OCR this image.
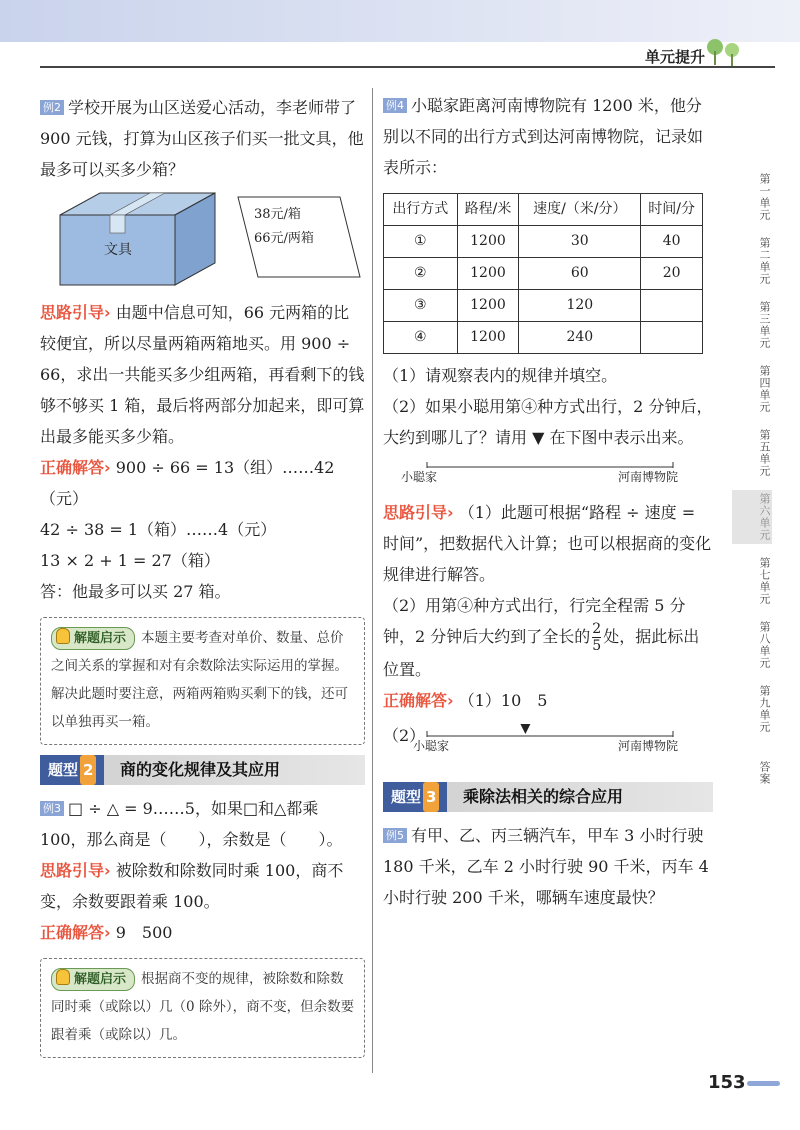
单元提升
例2 学校开展为山区送爱心活动，李老师带了 900 元钱，打算为山区孩子们买一批文具，他最多可以买多少箱？
文具
38元/箱
66元/两箱
思路引导› 由题中信息可知，66 元两箱的比较便宜，所以尽量两箱两箱地买。用 900 ÷ 66，求出一共能买多少组两箱，再看剩下的钱够不够买 1 箱，最后将两部分加起来，即可算出最多能买多少箱。
正确解答› 900 ÷ 66 = 13（组）……42（元）
42 ÷ 38 = 1（箱）……4（元）
13 × 2 + 1 = 27（箱）
答：他最多可以买 27 箱。
解题启示 本题主要考查对单价、数量、总价之间关系的掌握和对有余数除法实际运用的掌握。解决此题时要注意，两箱两箱购买剩下的钱，还可以单独再买一箱。
题型 2	商的变化规律及其应用
例3 □ ÷ △ = 9……5，如果□和△都乘 100，那么商是（　　），余数是（　　）。
思路引导› 被除数和除数同时乘 100，商不变，余数要跟着乘 100。
正确解答› 9　500
解题启示 根据商不变的规律，被除数和除数同时乘（或除以）几（0 除外），商不变，但余数要跟着乘（或除以）几。
例4 小聪家距离河南博物院有 1200 米，他分别以不同的出行方式到达河南博物院，记录如表所示：
出行方式	路程/米	速度/（米/分）	时间/分
①	1200	30	40
②	1200	60	20
③	1200	120	
④	1200	240	
（1）请观察表内的规律并填空。
（2）如果小聪用第④种方式出行，2 分钟后，大约到哪儿了？请用 ▼ 在下图中表示出来。
小聪家	河南博物院
思路引导› （1）此题可根据“路程 ÷ 速度 = 时间”，把数据代入计算；也可以根据商的变化规律进行解答。
（2）用第④种方式出行，行完全程需 5 分钟，2 分钟后大约到了全长的 $\frac{2}{5}$ 处，据此标出位置。
正确解答› （1）10　5
（2）
小聪家	河南博物院
题型 3	乘除法相关的综合应用
例5 有甲、乙、丙三辆汽车，甲车 3 小时行驶 180 千米，乙车 2 小时行驶 90 千米，丙车 4 小时行驶 200 千米，哪辆车速度最快？
第一单元
第二单元
第三单元
第四单元
第五单元
第六单元
第七单元
第八单元
第九单元
答案
153
